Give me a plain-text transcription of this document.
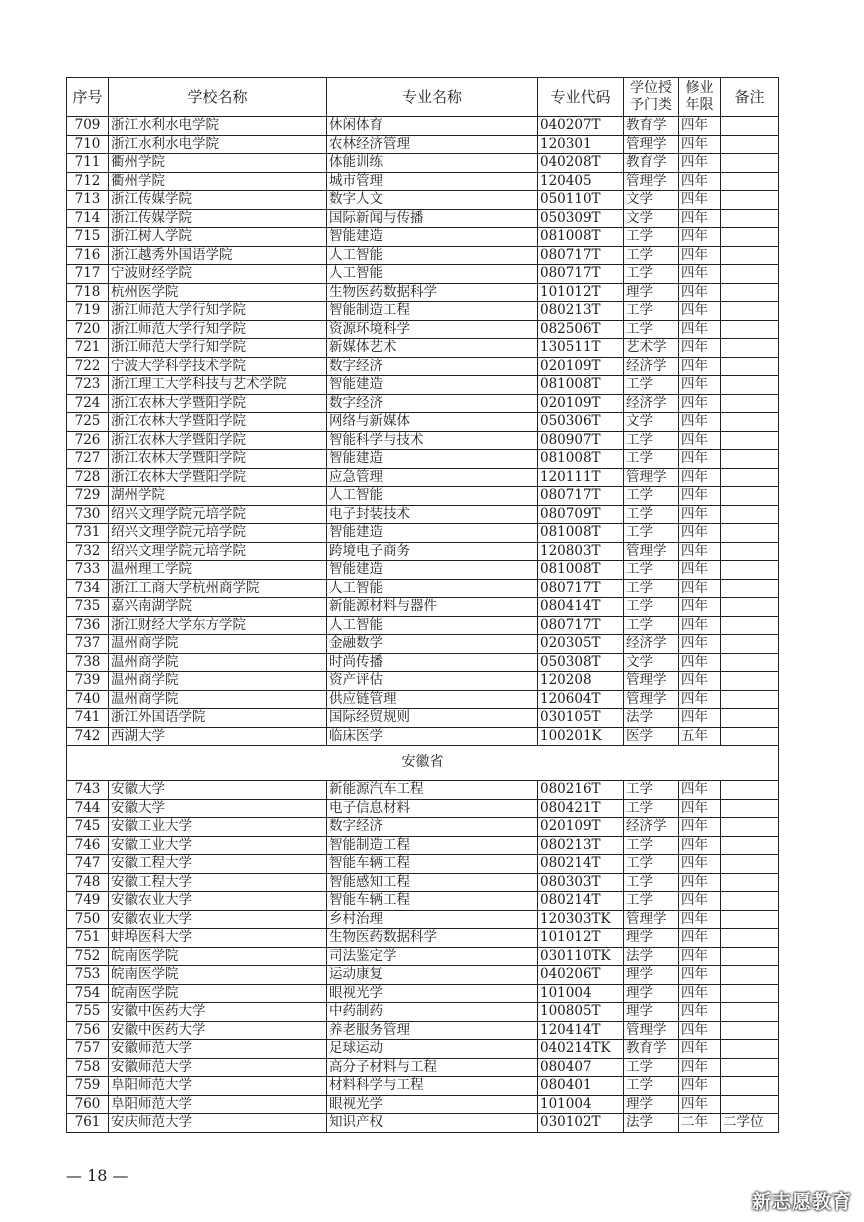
序号	学校名称	专业名称	专业代码	学位授予门类	修业年限	备注
709	浙江水利水电学院	休闲体育	040207T	教育学	四年	
710	浙江水利水电学院	农林经济管理	120301	管理学	四年	
711	衢州学院	体能训练	040208T	教育学	四年	
712	衢州学院	城市管理	120405	管理学	四年	
713	浙江传媒学院	数字人文	050110T	文学	四年	
714	浙江传媒学院	国际新闻与传播	050309T	文学	四年	
715	浙江树人学院	智能建造	081008T	工学	四年	
716	浙江越秀外国语学院	人工智能	080717T	工学	四年	
717	宁波财经学院	人工智能	080717T	工学	四年	
718	杭州医学院	生物医药数据科学	101012T	理学	四年	
719	浙江师范大学行知学院	智能制造工程	080213T	工学	四年	
720	浙江师范大学行知学院	资源环境科学	082506T	工学	四年	
721	浙江师范大学行知学院	新媒体艺术	130511T	艺术学	四年	
722	宁波大学科学技术学院	数字经济	020109T	经济学	四年	
723	浙江理工大学科技与艺术学院	智能建造	081008T	工学	四年	
724	浙江农林大学暨阳学院	数字经济	020109T	经济学	四年	
725	浙江农林大学暨阳学院	网络与新媒体	050306T	文学	四年	
726	浙江农林大学暨阳学院	智能科学与技术	080907T	工学	四年	
727	浙江农林大学暨阳学院	智能建造	081008T	工学	四年	
728	浙江农林大学暨阳学院	应急管理	120111T	管理学	四年	
729	湖州学院	人工智能	080717T	工学	四年	
730	绍兴文理学院元培学院	电子封装技术	080709T	工学	四年	
731	绍兴文理学院元培学院	智能建造	081008T	工学	四年	
732	绍兴文理学院元培学院	跨境电子商务	120803T	管理学	四年	
733	温州理工学院	智能建造	081008T	工学	四年	
734	浙江工商大学杭州商学院	人工智能	080717T	工学	四年	
735	嘉兴南湖学院	新能源材料与器件	080414T	工学	四年	
736	浙江财经大学东方学院	人工智能	080717T	工学	四年	
737	温州商学院	金融数学	020305T	经济学	四年	
738	温州商学院	时尚传播	050308T	文学	四年	
739	温州商学院	资产评估	120208	管理学	四年	
740	温州商学院	供应链管理	120604T	管理学	四年	
741	浙江外国语学院	国际经贸规则	030105T	法学	四年	
742	西湖大学	临床医学	100201K	医学	五年	
安徽省						
743	安徽大学	新能源汽车工程	080216T	工学	四年	
744	安徽大学	电子信息材料	080421T	工学	四年	
745	安徽工业大学	数字经济	020109T	经济学	四年	
746	安徽工业大学	智能制造工程	080213T	工学	四年	
747	安徽工程大学	智能车辆工程	080214T	工学	四年	
748	安徽工程大学	智能感知工程	080303T	工学	四年	
749	安徽农业大学	智能车辆工程	080214T	工学	四年	
750	安徽农业大学	乡村治理	120303TK	管理学	四年	
751	蚌埠医科大学	生物医药数据科学	101012T	理学	四年	
752	皖南医学院	司法鉴定学	030110TK	法学	四年	
753	皖南医学院	运动康复	040206T	理学	四年	
754	皖南医学院	眼视光学	101004	理学	四年	
755	安徽中医药大学	中药制药	100805T	理学	四年	
756	安徽中医药大学	养老服务管理	120414T	管理学	四年	
757	安徽师范大学	足球运动	040214TK	教育学	四年	
758	安徽师范大学	高分子材料与工程	080407	工学	四年	
759	阜阳师范大学	材料科学与工程	080401	工学	四年	
760	阜阳师范大学	眼视光学	101004	理学	四年	
761	安庆师范大学	知识产权	030102T	法学	二年	二学位
— 18 —
新志愿教育
